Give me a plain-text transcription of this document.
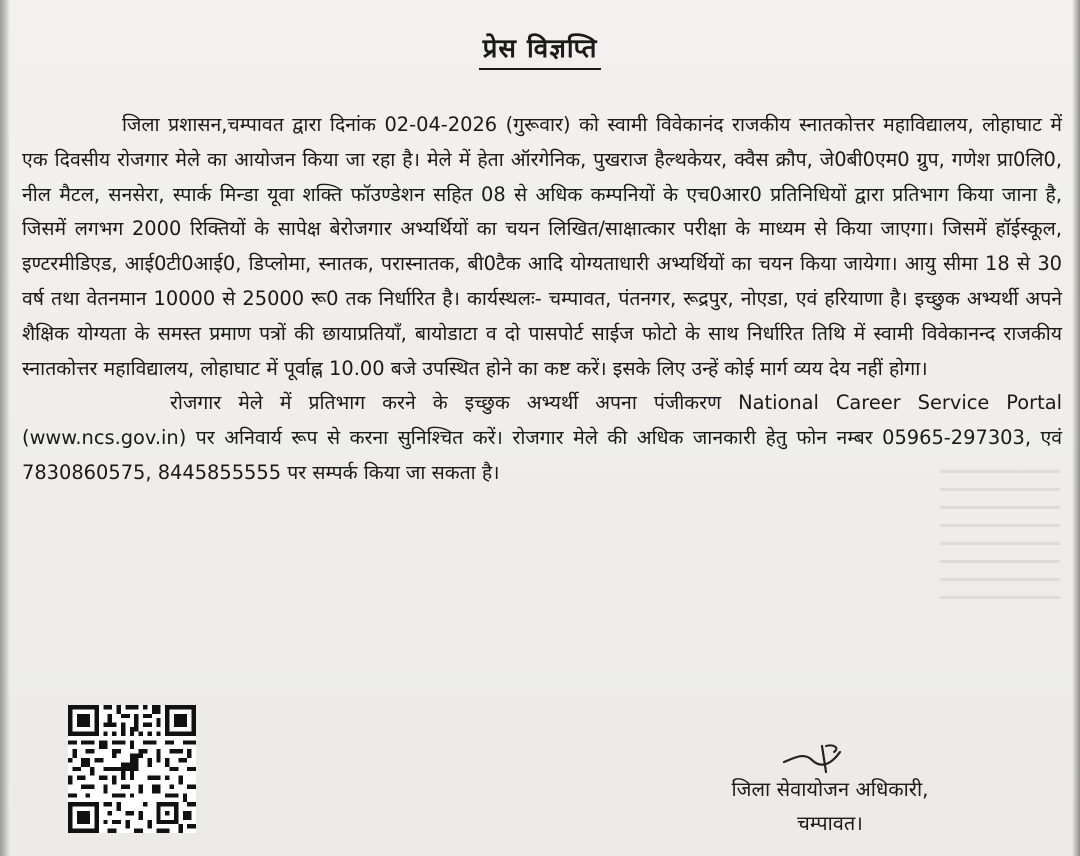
प्रेस विज्ञप्ति

जिला प्रशासन,चम्पावत द्वारा दिनांक 02-04-2026 (गुरूवार) को स्वामी विवेकानंद राजकीय स्नातकोत्तर महाविद्यालय, लोहाघाट में एक दिवसीय रोजगार मेले का आयोजन किया जा रहा है। मेले में हेता ऑरगेनिक, पुखराज हैल्थकेयर, क्वैस क्रौप, जे0बी0एम0 ग्रुप, गणेश प्रा0लि0, नील मैटल, सनसेरा, स्पार्क मिन्डा यूवा शक्ति फॉउण्डेशन सहित 08 से अधिक कम्पनियों के एच0आर0 प्रतिनिधियों द्वारा प्रतिभाग किया जाना है, जिसमें लगभग 2000 रिक्तियों के सापेक्ष बेरोजगार अभ्यर्थियों का चयन लिखित/साक्षात्कार परीक्षा के माध्यम से किया जाएगा। जिसमें हॉईस्कूल, इण्टरमीडिएड, आई0टी0आई0, डिप्लोमा, स्नातक, परास्नातक, बी0टैक आदि योग्यताधारी अभ्यर्थियों का चयन किया जायेगा। आयु सीमा 18 से 30 वर्ष तथा वेतनमान 10000 से 25000 रू0 तक निर्धारित है। कार्यस्थलः- चम्पावत, पंतनगर, रूद्रपुर, नोएडा, एवं हरियाणा है। इच्छुक अभ्यर्थी अपने शैक्षिक योग्यता के समस्त प्रमाण पत्रों की छायाप्रतियाँ, बायोडाटा व दो पासपोर्ट साईज फोटो के साथ निर्धारित तिथि में स्वामी विवेकानन्द राजकीय स्नातकोत्तर महाविद्यालय, लोहाघाट में पूर्वाह्न 10.00 बजे उपस्थित होने का कष्ट करें। इसके लिए उन्हें कोई मार्ग व्यय देय नहीं होगा।

रोजगार मेले में प्रतिभाग करने के इच्छुक अभ्यर्थी अपना पंजीकरण National Career Service Portal (www.ncs.gov.in) पर अनिवार्य रूप से करना सुनिश्चित करें। रोजगार मेले की अधिक जानकारी हेतु फोन नम्बर 05965-297303, एवं 7830860575, 8445855555 पर सम्पर्क किया जा सकता है।

जिला सेवायोजन अधिकारी,
चम्पावत।
